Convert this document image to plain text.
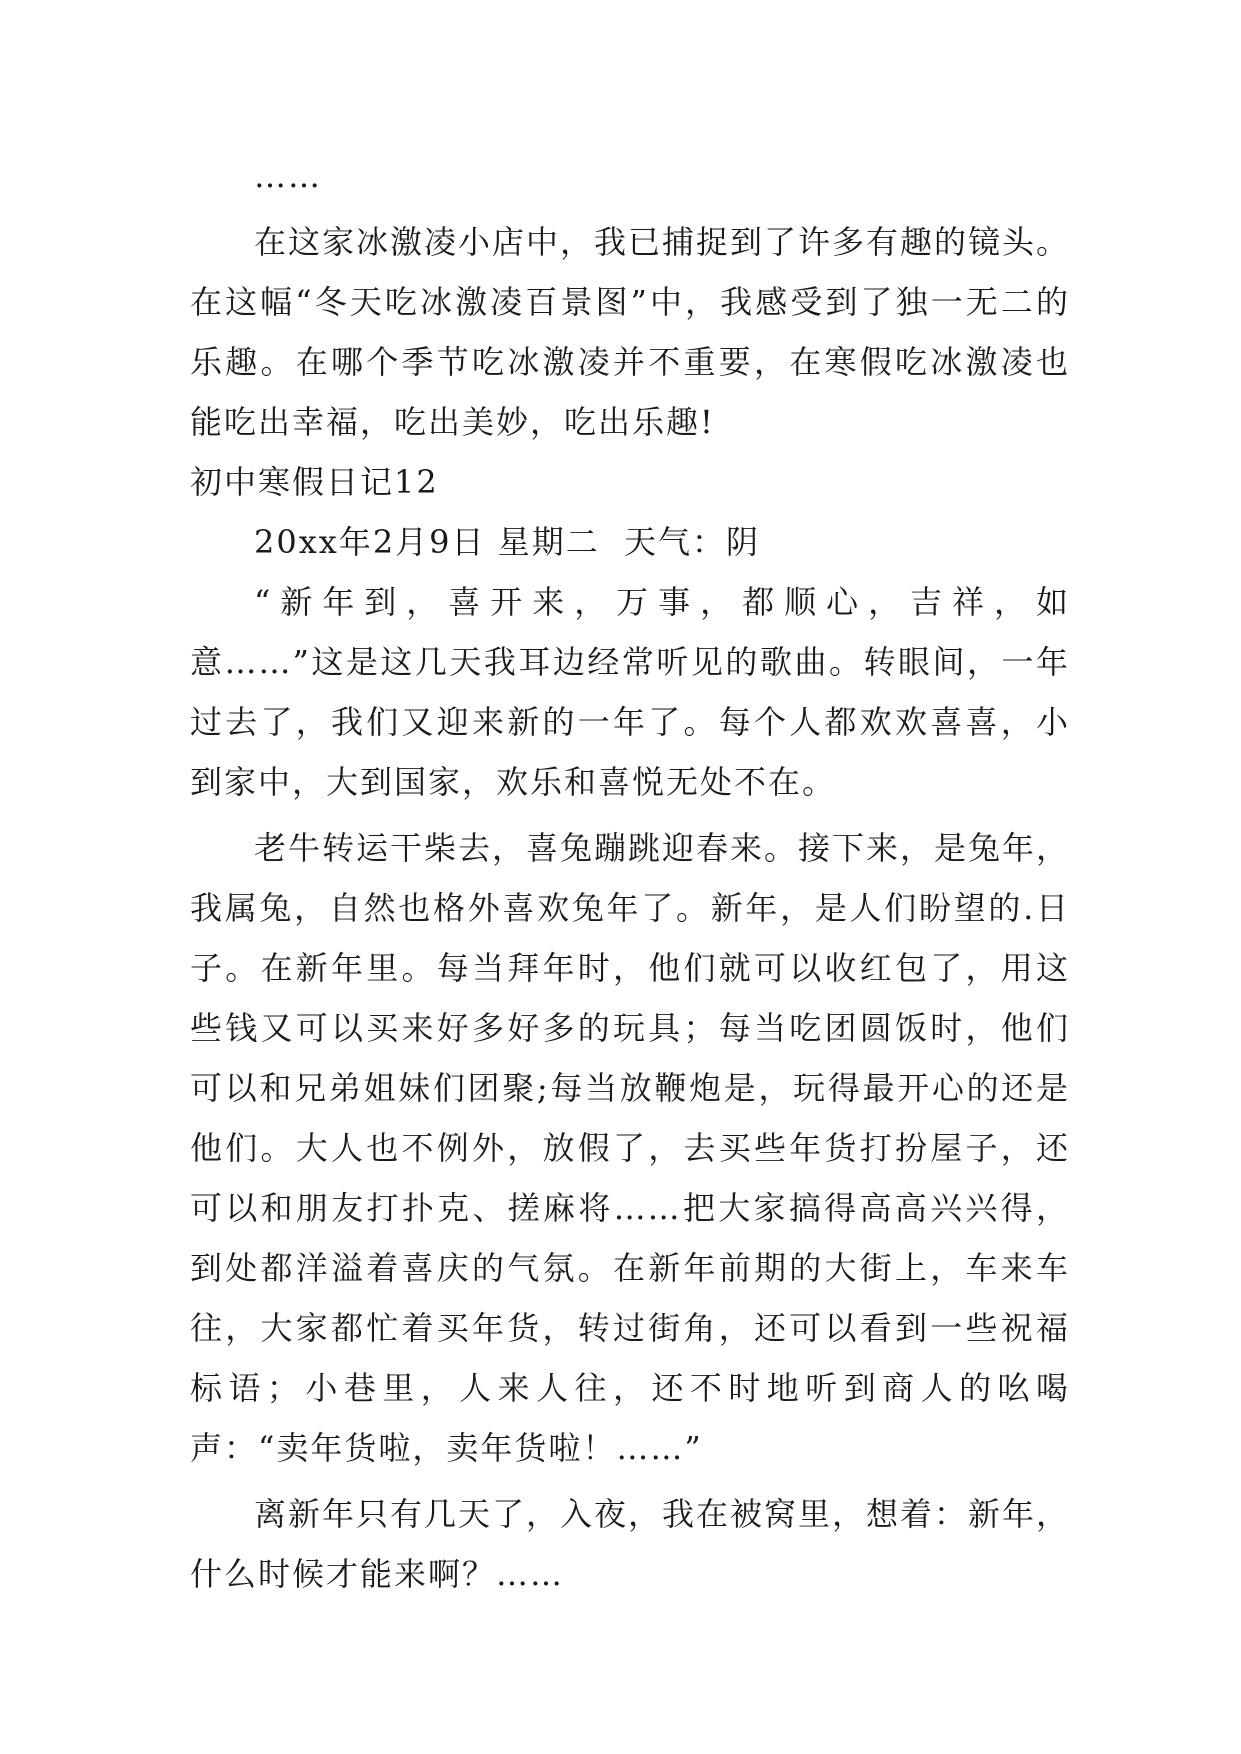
……

在这家冰激凌小店中，我已捕捉到了许多有趣的镜头。在这幅“冬天吃冰激凌百景图”中，我感受到了独一无二的乐趣。在哪个季节吃冰激凌并不重要，在寒假吃冰激凌也能吃出幸福，吃出美妙，吃出乐趣!

初中寒假日记12

20xx年2月9日 星期二  天气：阴

“新年到，喜开来，万事，都顺心，吉祥，如意……”这是这几天我耳边经常听见的歌曲。转眼间，一年过去了，我们又迎来新的一年了。每个人都欢欢喜喜，小到家中，大到国家，欢乐和喜悦无处不在。

老牛转运干柴去，喜兔蹦跳迎春来。接下来，是兔年，我属兔，自然也格外喜欢兔年了。新年，是人们盼望的.日子。在新年里。每当拜年时，他们就可以收红包了，用这些钱又可以买来好多好多的玩具；每当吃团圆饭时，他们可以和兄弟姐妹们团聚;每当放鞭炮是，玩得最开心的还是他们。大人也不例外，放假了，去买些年货打扮屋子，还可以和朋友打扑克、搓麻将……把大家搞得高高兴兴得，到处都洋溢着喜庆的气氛。在新年前期的大街上，车来车往，大家都忙着买年货，转过街角，还可以看到一些祝福标语；小巷里，人来人往，还不时地听到商人的吆喝声：“卖年货啦，卖年货啦！……”

离新年只有几天了，入夜，我在被窝里，想着：新年，什么时候才能来啊？……
